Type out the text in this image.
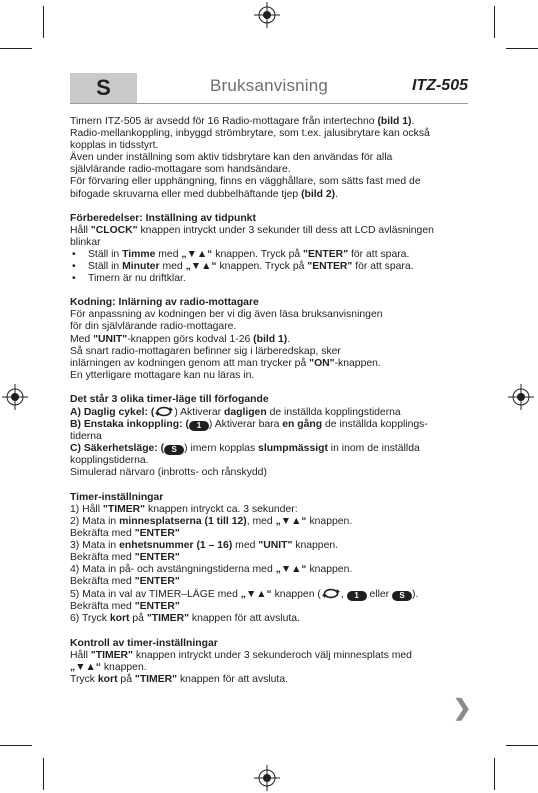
S	Bruksanvisning	ITZ-505

Timern ITZ-505 är avsedd för 16 Radio-mottagare från intertechno (bild 1).

Radio-mellankoppling, inbyggd strömbrytare, som t.ex. jalusibrytare kan också

kopplas in tidsstyrt.

Även under inställning som aktiv tidsbrytare kan den användas för alla

självlärande radio-mottagare som handsändare.

För förvaring eller upphängning, finns en vägghållare, som sätts fast med de

bifogade skruvarna eller med dubbelhäftande tjep (bild 2).

Förberedelser: Inställning av tidpunkt

Håll "CLOCK" knappen intryckt under 3 sekunder till dess att LCD avläsningen

blinkar

• Ställ in Timme med „▼▲“ knappen. Tryck på "ENTER" för att spara.
• Ställ in Minuter med „▼▲“ knappen. Tryck på "ENTER" för att spara.
• Timern är nu driftklar.

Kodning: Inlärning av radio-mottagare

För anpassning av kodningen ber vi dig även läsa bruksanvisningen

för din självlärande radio-mottagare.

Med "UNIT"-knappen görs kodval 1-26 (bild 1).

Så snart radio-mottagaren befinner sig i lärberedskap, sker

inlärningen av kodningen genom att man trycker på "ON"-knappen.

En ytterligare mottagare kan nu läras in.

Det står 3 olika timer-läge till förfogande

A) Daglig cykel: ( ) Aktiverar dagligen de inställda kopplingstiderna

B) Enstaka inkoppling: ( 1 ) Aktiverar bara en gång de inställda kopplings-

tiderna

C) Säkerhetsläge: ( S ) imern kopplas slumpmässigt in inom de inställda

kopplingstiderna.

Simulerad närvaro (inbrotts- och rånskydd)

Timer-inställningar

1) Håll "TIMER" knappen intryckt ca. 3 sekunder:

2) Mata in minnesplatserna (1 till 12), med „▼▲“ knappen.

Bekräfta med "ENTER"

3) Mata in enhetsnummer (1 – 16) med "UNIT" knappen.

Bekräfta med "ENTER"

4) Mata in på- och avstängningstiderna med „▼▲“ knappen.

Bekräfta med "ENTER"

5) Mata in val av TIMER–LÄGE med „▼▲“ knappen ( , 1 eller S ).

Bekräfta med "ENTER"

6) Tryck kort på "TIMER" knappen för att avsluta.

Kontroll av timer-inställningar

Håll "TIMER" knappen intryckt under 3 sekunderoch välj minnesplats med

„▼▲“ knappen.

Tryck kort på "TIMER" knappen för att avsluta.

❯
